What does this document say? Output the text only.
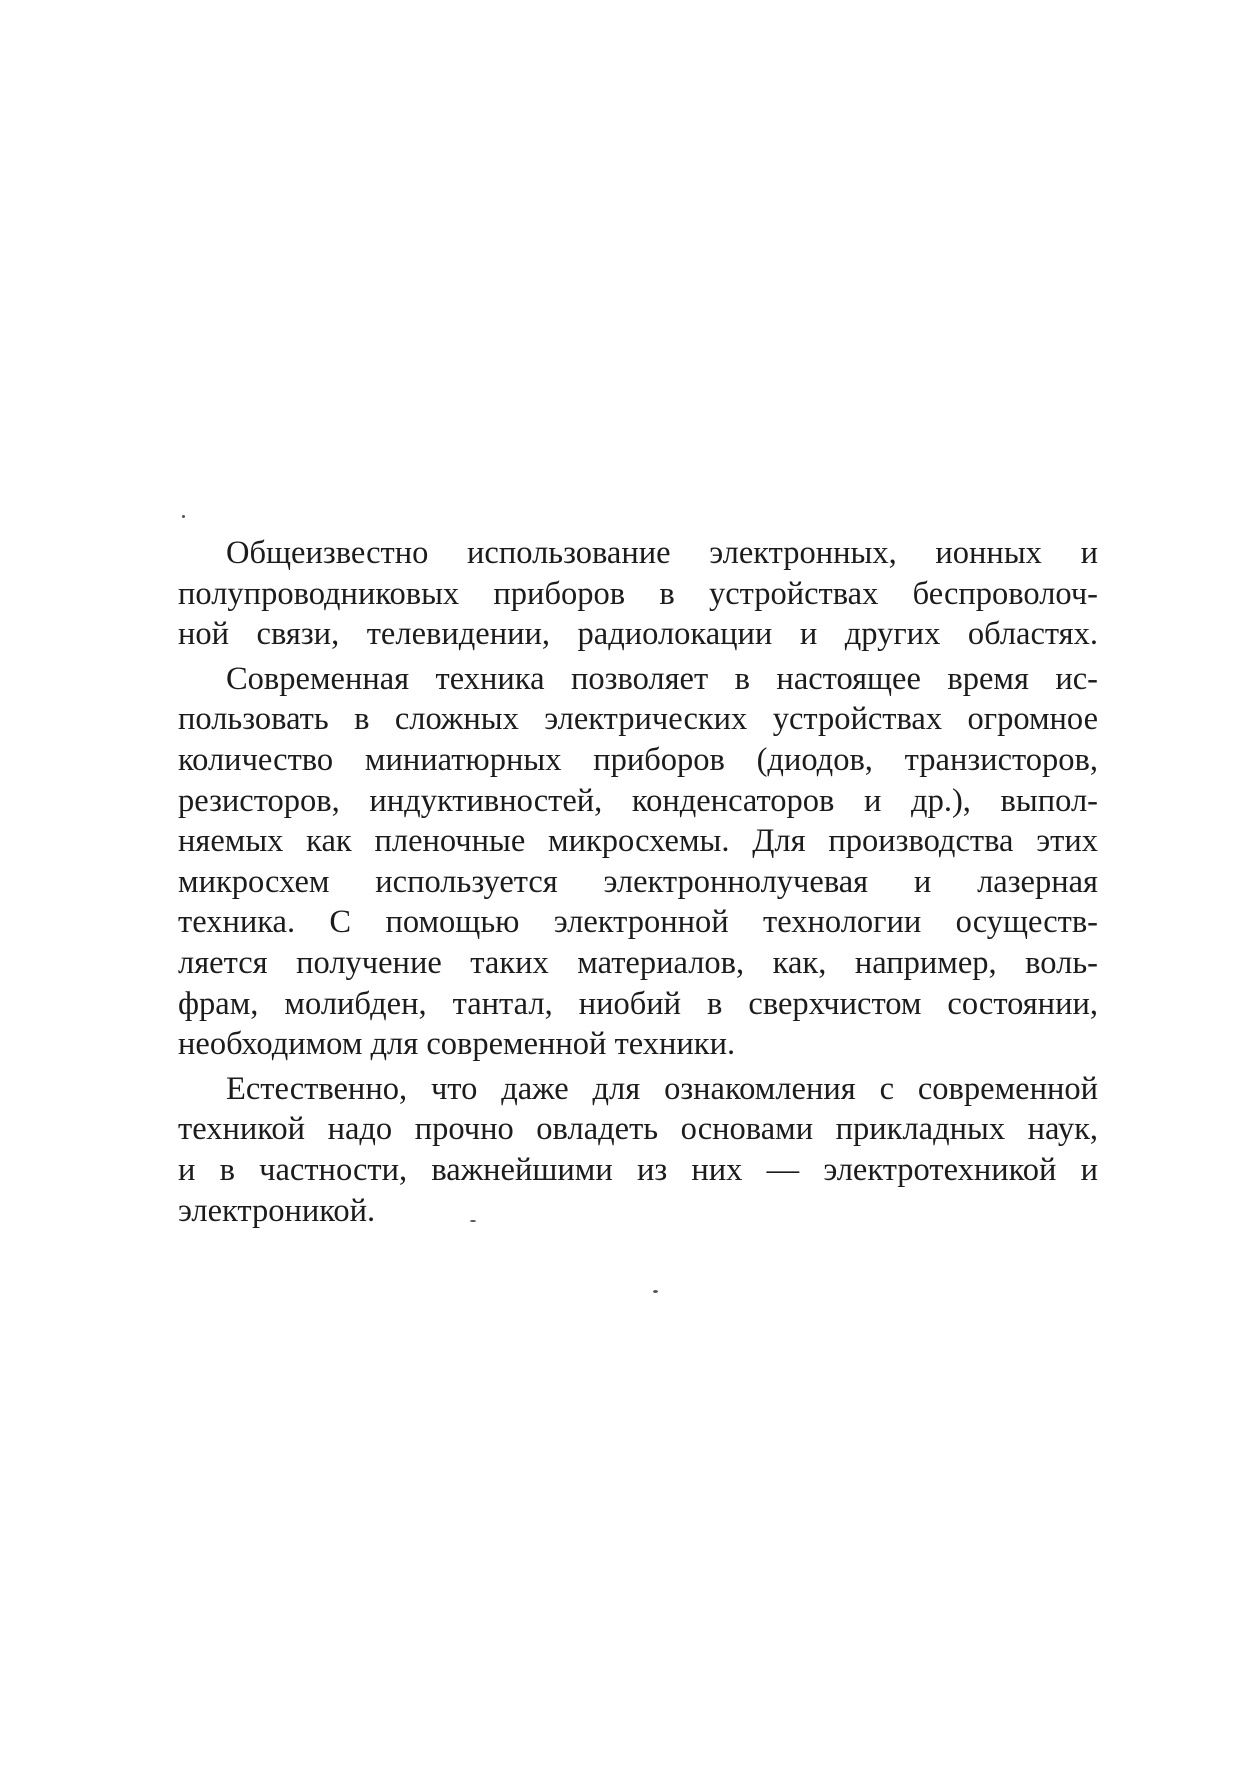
Общеизвестно использование электронных, ионных и
полупроводниковых приборов в устройствах беспроволоч-
ной связи, телевидении, радиолокации и других областях.
Современная техника позволяет в настоящее время ис-
пользовать в сложных электрических устройствах огромное
количество миниатюрных приборов (диодов, транзисторов,
резисторов, индуктивностей, конденсаторов и др.), выпол-
няемых как пленочные микросхемы. Для производства этих
микросхем используется электроннолучевая и лазерная
техника. С помощью электронной технологии осуществ-
ляется получение таких материалов, как, например, воль-
фрам, молибден, тантал, ниобий в сверхчистом состоянии,
необходимом для современной техники.
Естественно, что даже для ознакомления с современной
техникой надо прочно овладеть основами прикладных наук,
и в частности, важнейшими из них — электротехникой и
электроникой.
